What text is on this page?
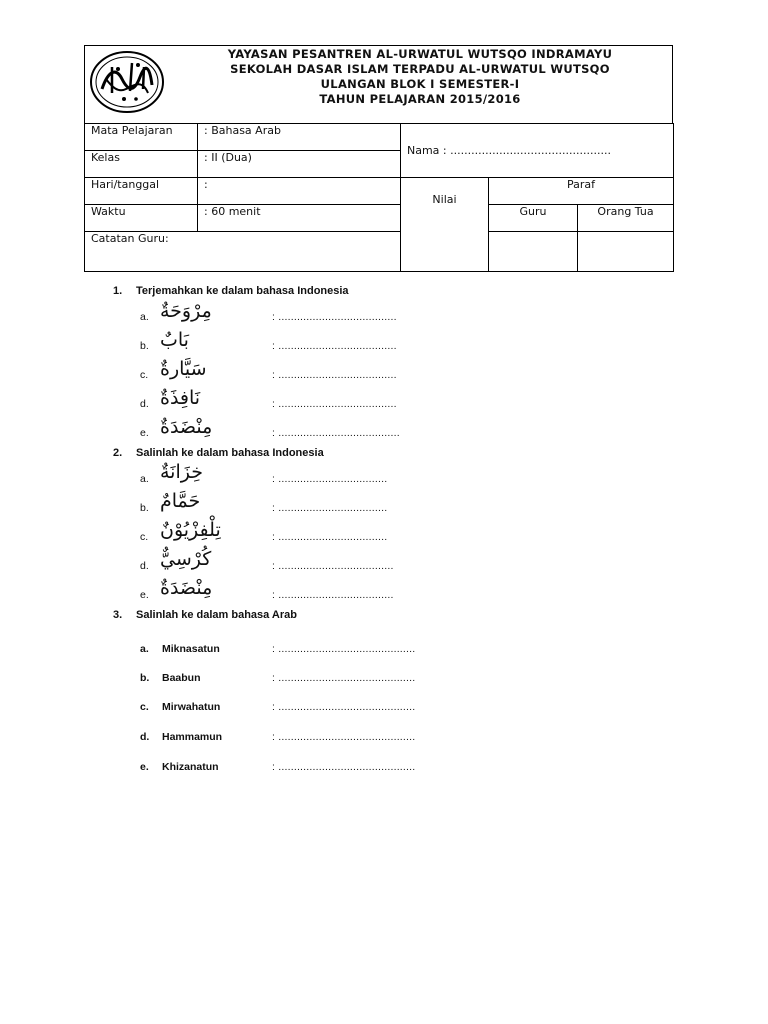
YAYASAN PESANTREN AL-URWATUL WUTSQO INDRAMAYU
SEKOLAH DASAR ISLAM TERPADU AL-URWATUL WUTSQO
ULANGAN BLOK I SEMESTER-I
TAHUN PELAJARAN 2015/2016
Mata Pelajaran	: Bahasa Arab	Nama : ..............................................		
Kelas	: II (Dua)			
Hari/tanggal	:	Nilai	Paraf	
Waktu	: 60 menit		Guru	Orang Tua
Catatan Guru:				
1. Terjemahkan ke dalam bahasa Indonesia
a. مِرْوَحَةٌ	: ......................................
b. بَابٌ	: ......................................
c. سَيَّارةٌ	: ......................................
d. نَافِذَةٌ	: ......................................
e. مِنْضَدَةٌ	: .......................................
2. Salinlah ke dalam bahasa Indonesia
a. خِزَانَةٌ	: ...................................
b. حَمَّامٌ	: ...................................
c. تِلْفِزْيُوْنٌ	: ...................................
d. كُرْسِيٌّ	: .....................................
e. مِنْضَدَةٌ	: .....................................
3. Salinlah ke dalam bahasa Arab
a. Miknasatun	: ............................................
b. Baabun	: ............................................
c. Mirwahatun	: ............................................
d. Hammamun	: ............................................
e. Khizanatun	: ............................................
